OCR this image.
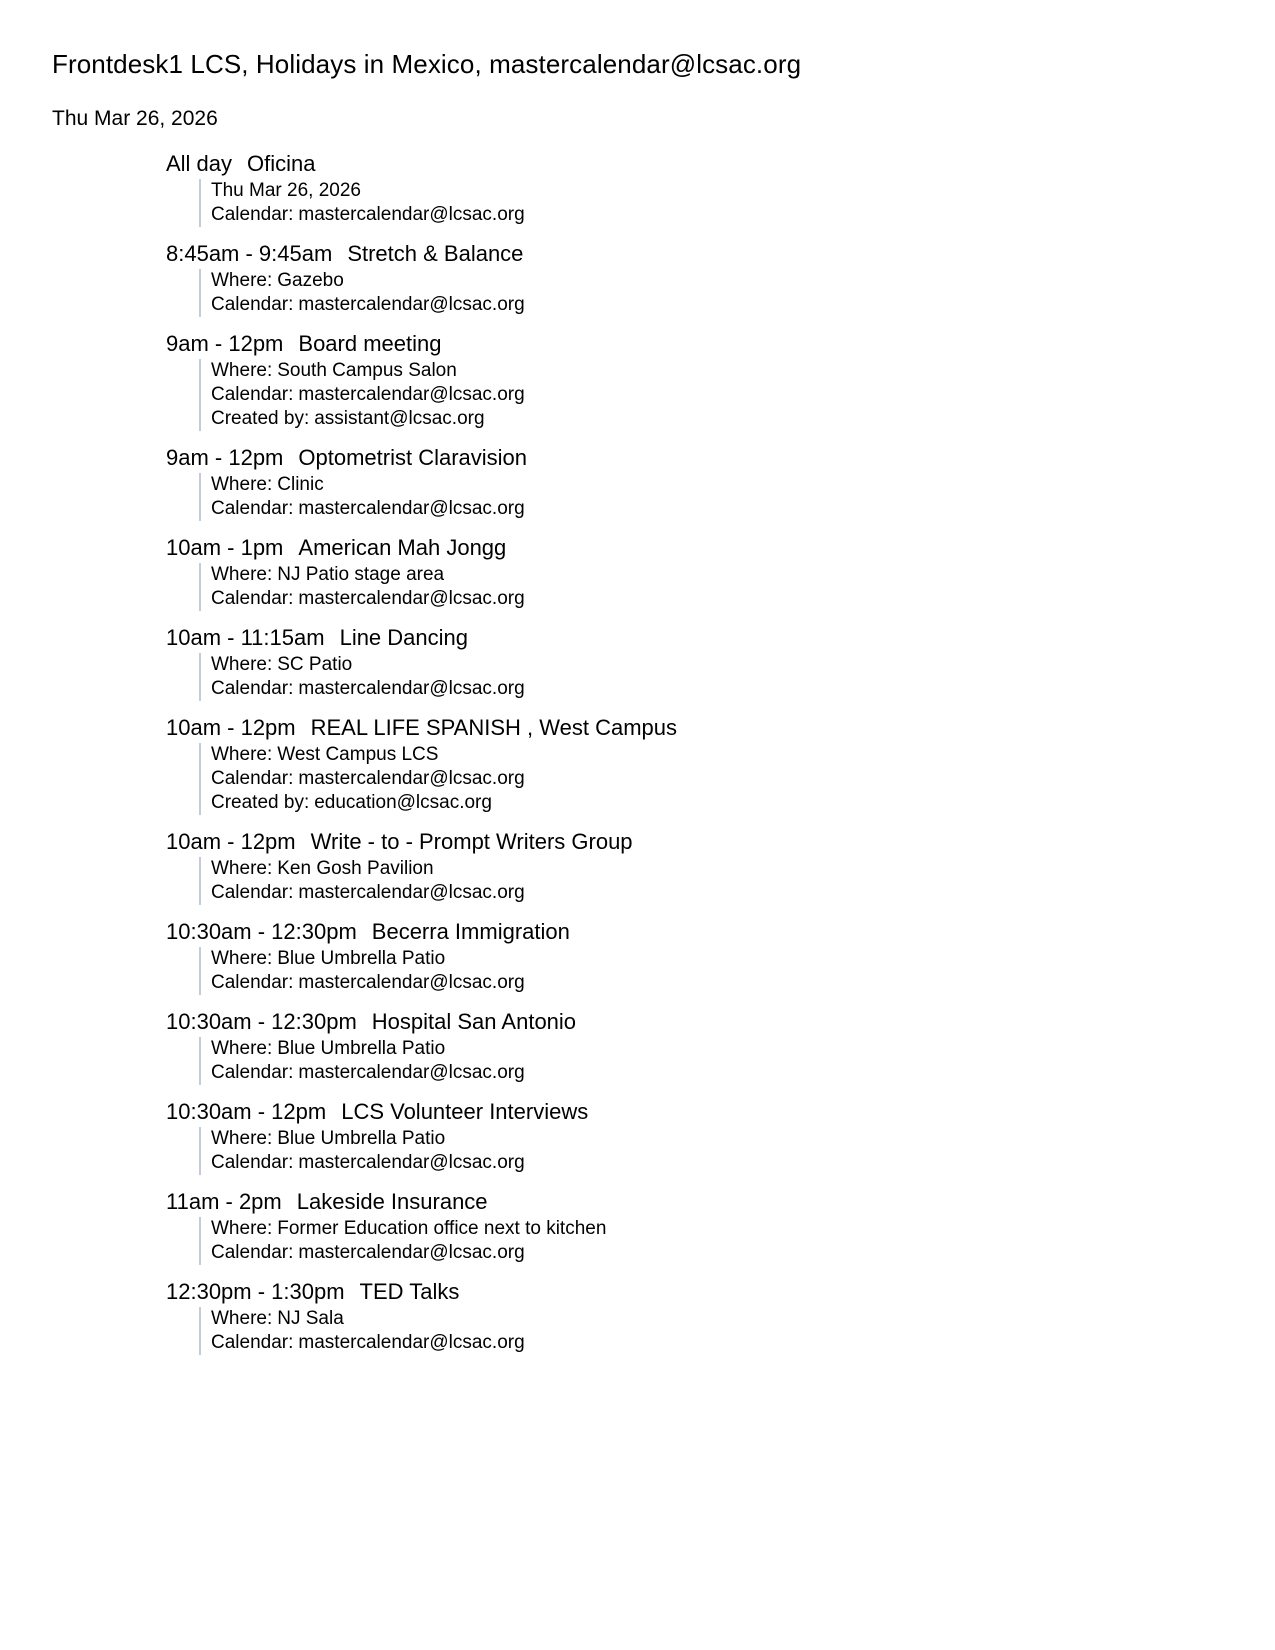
Frontdesk1 LCS, Holidays in Mexico, mastercalendar@lcsac.org
Thu Mar 26, 2026
All day Oficina
Thu Mar 26, 2026
Calendar: mastercalendar@lcsac.org
8:45am - 9:45am Stretch & Balance
Where: Gazebo
Calendar: mastercalendar@lcsac.org
9am - 12pm Board meeting
Where: South Campus Salon
Calendar: mastercalendar@lcsac.org
Created by: assistant@lcsac.org
9am - 12pm Optometrist Claravision
Where: Clinic
Calendar: mastercalendar@lcsac.org
10am - 1pm American Mah Jongg
Where: NJ Patio stage area
Calendar: mastercalendar@lcsac.org
10am - 11:15am Line Dancing
Where: SC Patio
Calendar: mastercalendar@lcsac.org
10am - 12pm REAL LIFE SPANISH , West Campus
Where: West Campus LCS
Calendar: mastercalendar@lcsac.org
Created by: education@lcsac.org
10am - 12pm Write - to - Prompt Writers Group
Where: Ken Gosh Pavilion
Calendar: mastercalendar@lcsac.org
10:30am - 12:30pm Becerra Immigration
Where: Blue Umbrella Patio
Calendar: mastercalendar@lcsac.org
10:30am - 12:30pm Hospital San Antonio
Where: Blue Umbrella Patio
Calendar: mastercalendar@lcsac.org
10:30am - 12pm LCS Volunteer Interviews
Where: Blue Umbrella Patio
Calendar: mastercalendar@lcsac.org
11am - 2pm Lakeside Insurance
Where: Former Education office next to kitchen
Calendar: mastercalendar@lcsac.org
12:30pm - 1:30pm TED Talks
Where: NJ Sala
Calendar: mastercalendar@lcsac.org
